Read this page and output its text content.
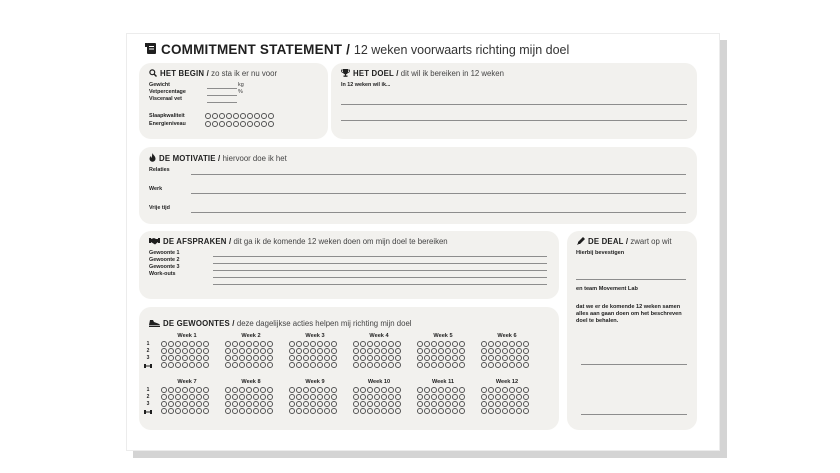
COMMITMENT STATEMENT / 12 weken voorwaarts richting mijn doel
HET BEGIN / zo sta ik er nu voor
Gewicht	kg
Vetpercentage	%
Visceraal vet
Slaapkwaliteit
Energieniveau
HET DOEL / dit wil ik bereiken in 12 weken
In 12 weken wil ik...
DE MOTIVATIE / hiervoor doe ik het
Relaties
Werk
Vrije tijd
DE AFSPRAKEN / dit ga ik de komende 12 weken doen om mijn doel te bereiken
Gewoonte 1
Gewoonte 2
Gewoonte 3
Work-outs
DE DEAL / zwart op wit
Hierbij bevestigen
en team Movement Lab
dat we er de komende 12 weken samen alles aan gaan doen om het beschreven doel te behalen.
DE GEWOONTES / deze dagelijkse acties helpen mij richting mijn doel
1
2
3
Week 1	Week 2	Week 3	Week 4	Week 5	Week 6
1
2
3
Week 7	Week 8	Week 9	Week 10	Week 11	Week 12
